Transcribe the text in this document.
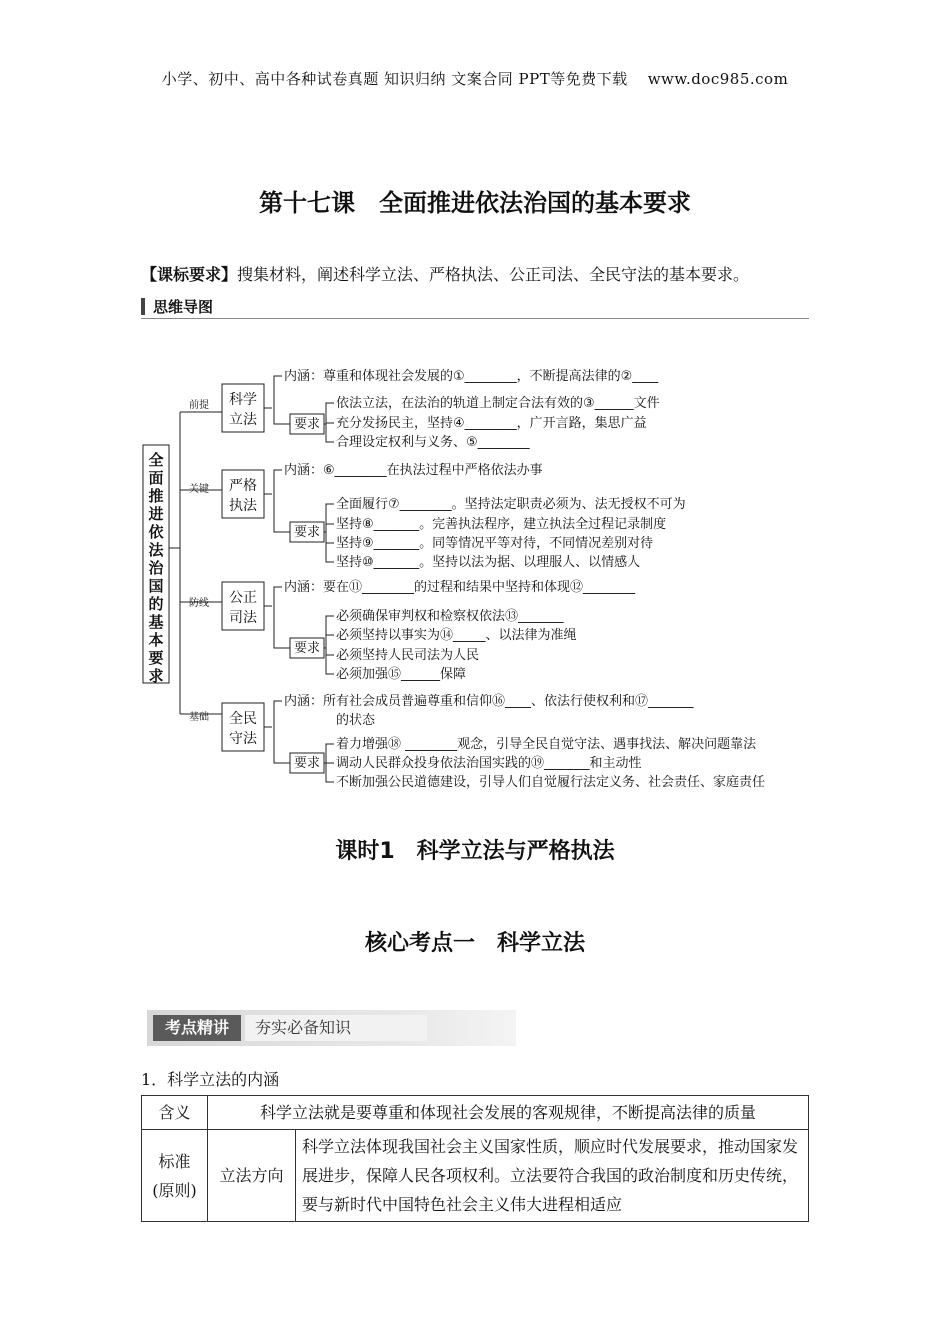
小学、初中、高中各种试卷真题 知识归纳 文案合同 PPT等免费下载 www.doc985.com
第十七课　全面推进依法治国的基本要求
【课标要求】搜集材料，阐述科学立法、严格执法、公正司法、全民守法的基本要求。
思维导图
全
面
推
进
依
法
治
国
的
基
本
要
求
前提 科学
立法
内涵：尊重和体现社会发展的①________，不断提高法律的②____
要求
依法立法，在法治的轨道上制定合法有效的③______文件
充分发扬民主，坚持④________，广开言路，集思广益
合理设定权利与义务、⑤________
关键 严格
执法
内涵：⑥________在执法过程中严格依法办事
要求
全面履行⑦________。坚持法定职责必须为、法无授权不可为
坚持⑧_______。完善执法程序，建立执法全过程记录制度
坚持⑨_______。同等情况平等对待，不同情况差别对待
坚持⑩_______。坚持以法为据、以理服人、以情感人
防线 公正
司法
内涵：要在⑪________的过程和结果中坚持和体现⑫________
要求
必须确保审判权和检察权依法⑬_______
必须坚持以事实为⑭_____、以法律为准绳
必须坚持人民司法为人民
必须加强⑮______保障
基础 全民
守法
内涵：所有社会成员普遍尊重和信仰⑯____、依法行使权利和⑰_______
的状态
要求
着力增强⑱ ________观念，引导全民自觉守法、遇事找法、解决问题靠法
调动人民群众投身依法治国实践的⑲_______和主动性
不断加强公民道德建设，引导人们自觉履行法定义务、社会责任、家庭责任
课时1　科学立法与严格执法
核心考点一　科学立法
考点精讲	夯实必备知识
1．科学立法的内涵
含义	科学立法就是要尊重和体现社会发展的客观规律，不断提高法律的质量	
标准(原则)	立法方向	科学立法体现我国社会主义国家性质，顺应时代发展要求，推动国家发展进步，保障人民各项权利。立法要符合我国的政治制度和历史传统，要与新时代中国特色社会主义伟大进程相适应
